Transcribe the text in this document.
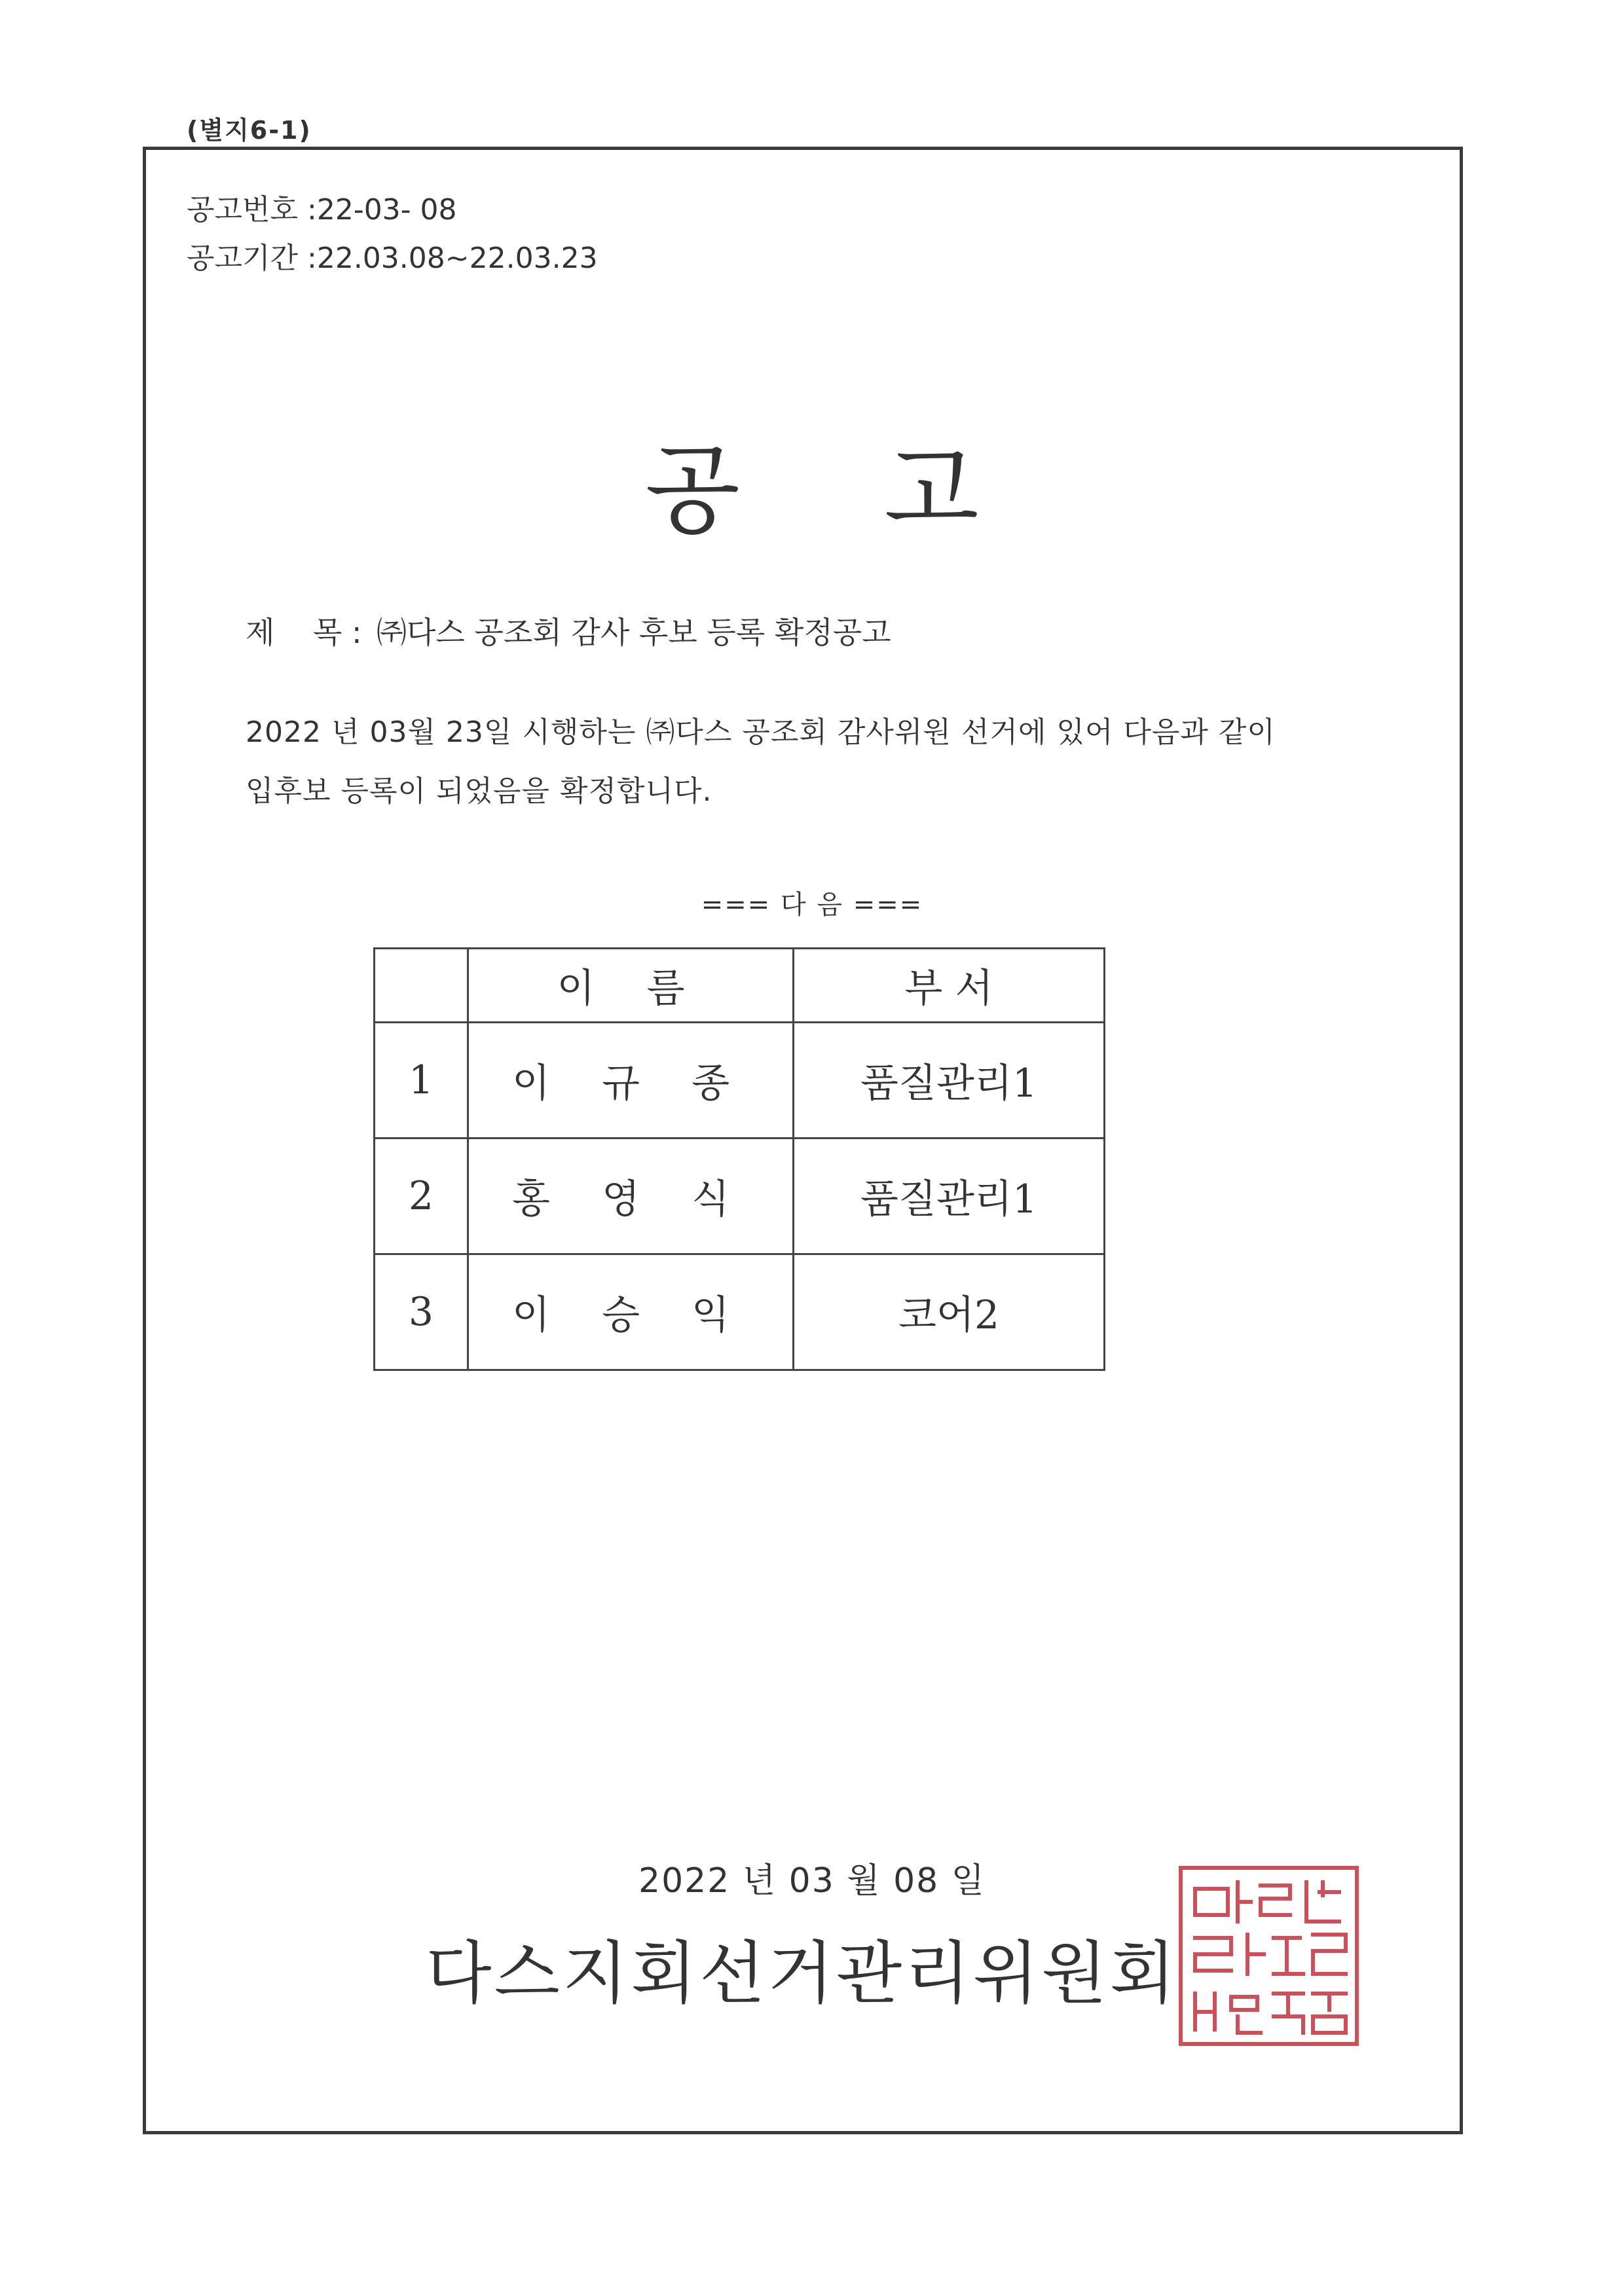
(별지6-1)
공고번호 :22-03- 08
공고기간 :22.03.08~22.03.23
공 고
제    목 : ㈜다스 공조회 감사 후보 등록 확정공고
2022 년 03월 23일 시행하는 ㈜다스 공조회 감사위원 선거에 있어 다음과 같이
입후보 등록이 되었음을 확정합니다.
=== 다 음 ===
	이 름	부 서
1	이 규 종	품질관리1
2	홍 영 식	품질관리1
3	이 승 익	코어2
2022 년 03 월 08 일
다스지회선거관리위원회
